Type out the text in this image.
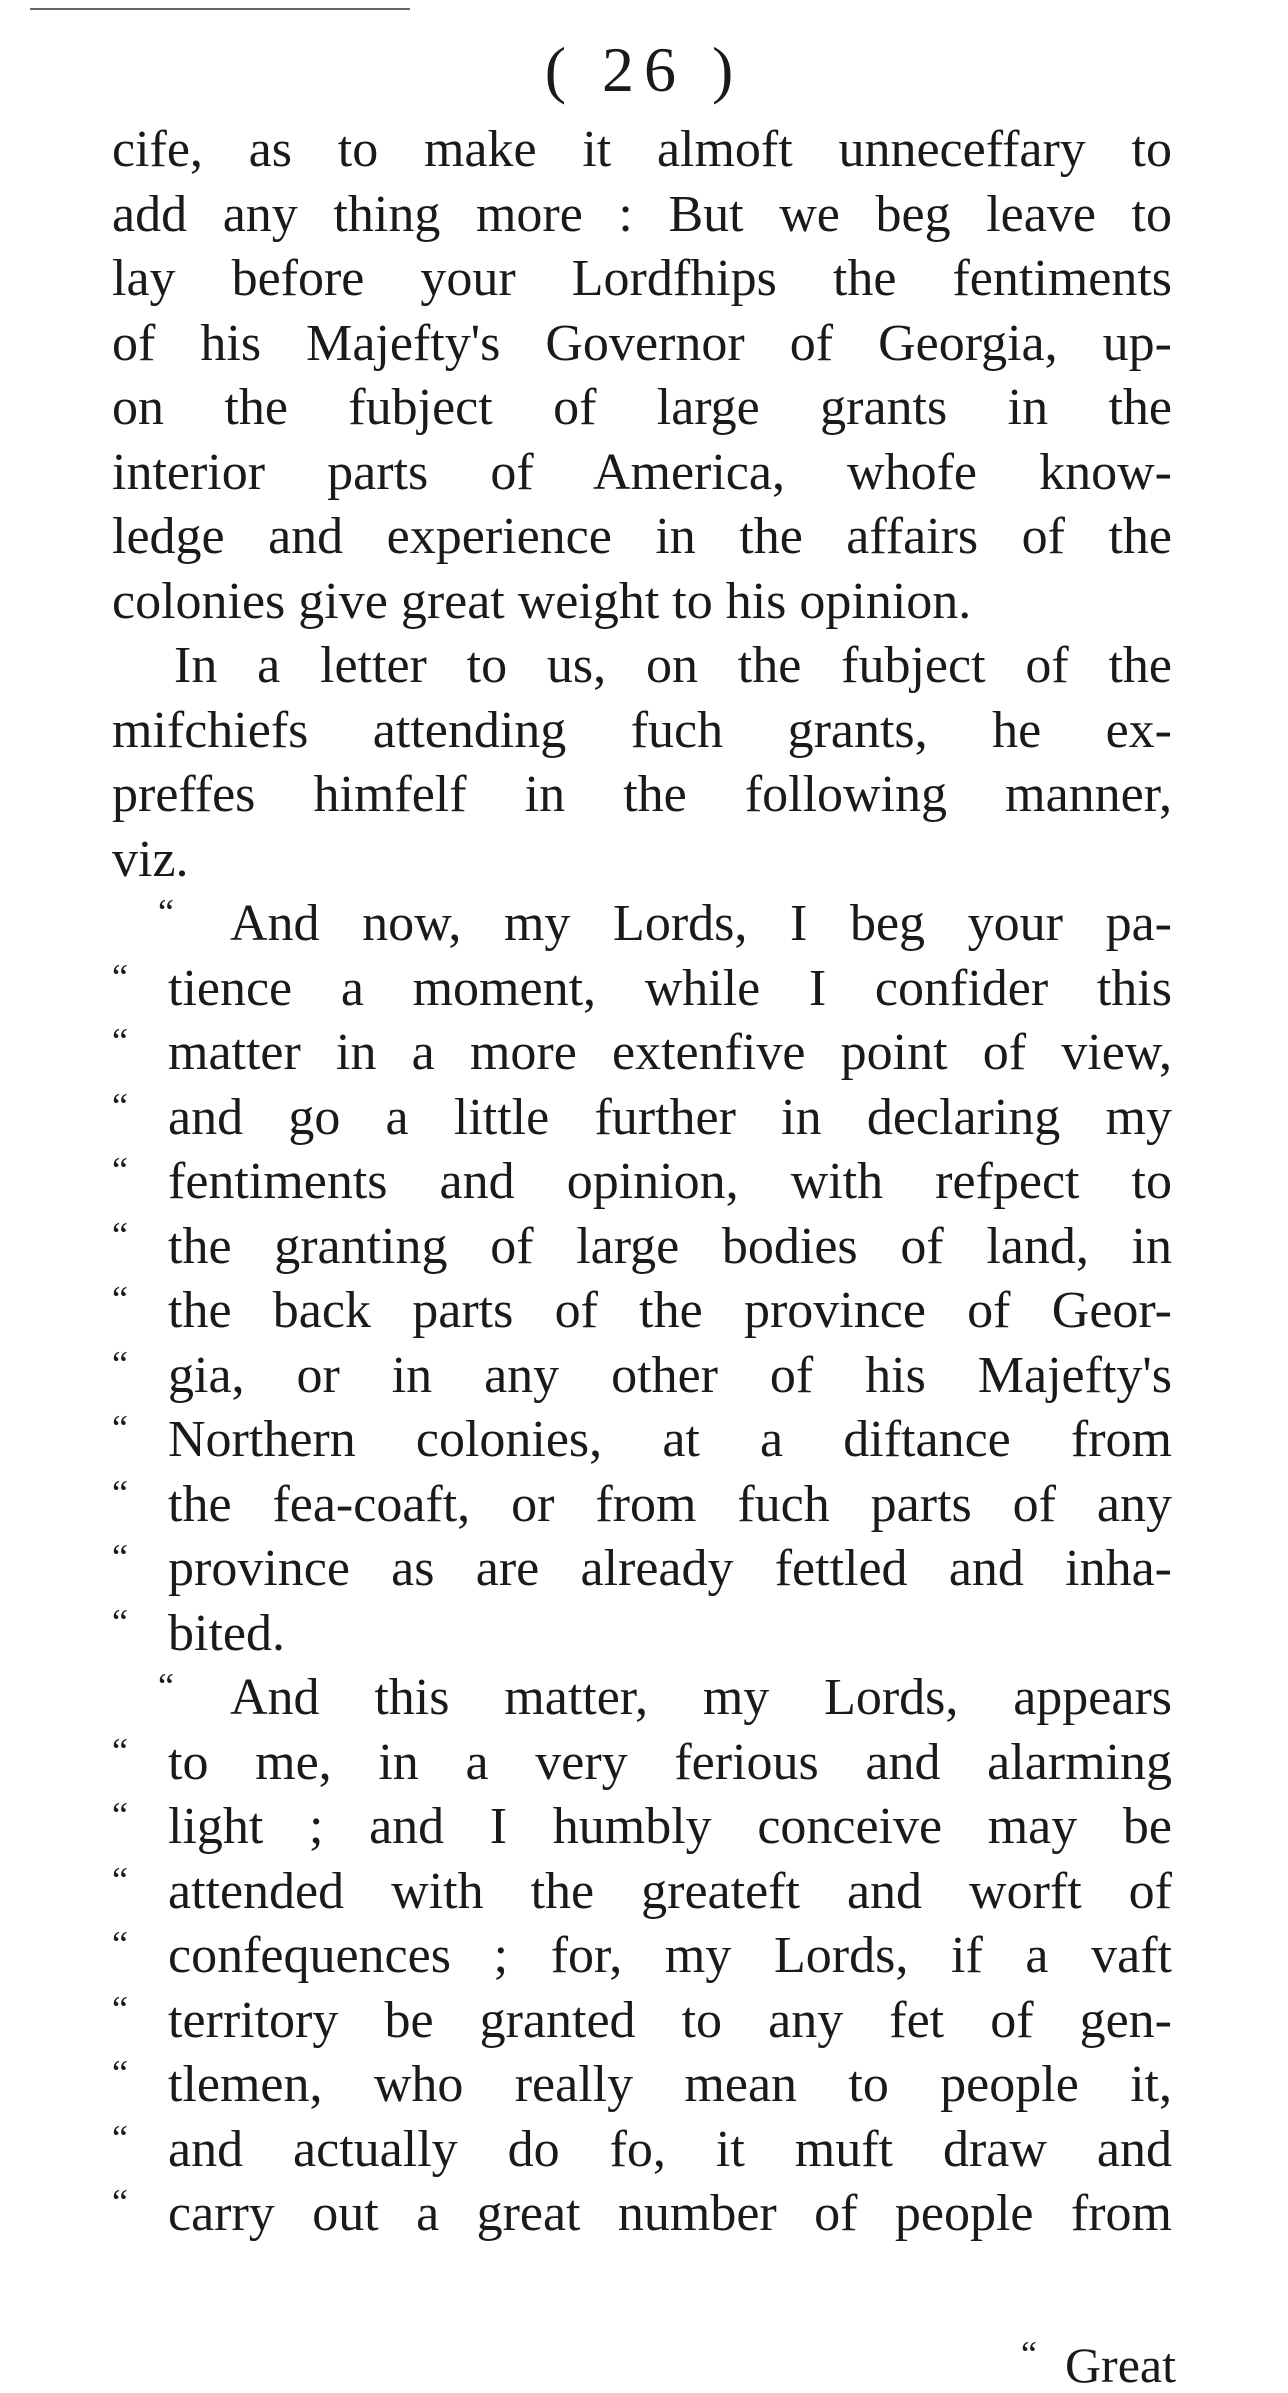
( 26 )
cife, as to make it almoft unneceffary to
add any thing more : But we beg leave to
lay before your Lordfhips the fentiments
of his Majefty's Governor of Georgia, up-
on the fubject of large grants in the
interior parts of America, whofe know-
ledge and experience in the affairs of the
colonies give great weight to his opinion.
In a letter to us, on the fubject of the
mifchiefs attending fuch grants, he ex-
preffes himfelf in the following manner,
viz.
“ And now, my Lords, I beg your pa-
“ tience a moment, while I confider this
“ matter in a more extenfive point of view,
“ and go a little further in declaring my
“ fentiments and opinion, with refpect to
“ the granting of large bodies of land, in
“ the back parts of the province of Geor-
“ gia, or in any other of his Majefty's
“ Northern colonies, at a diftance from
“ the fea-coaft, or from fuch parts of any
“ province as are already fettled and inha-
“ bited.
“ And this matter, my Lords, appears
“ to me, in a very ferious and alarming
“ light ; and I humbly conceive may be
“ attended with the greateft and worft of
“ confequences ; for, my Lords, if a vaft
“ territory be granted to any fet of gen-
“ tlemen, who really mean to people it,
“ and actually do fo, it muft draw and
“ carry out a great number of people from
“ Great
